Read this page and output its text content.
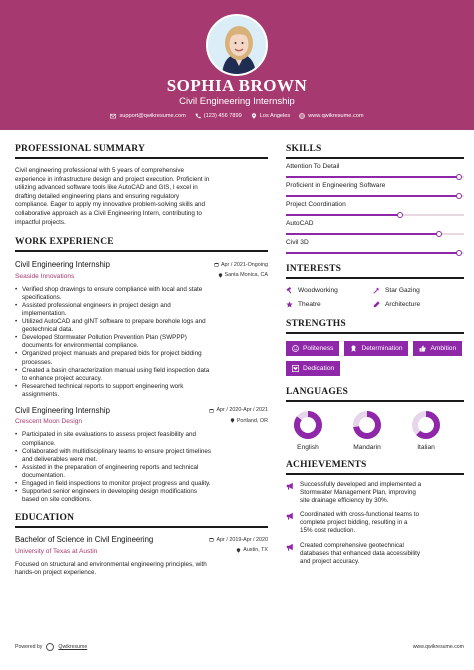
SOPHIA BROWN
Civil Engineering Internship
support@qwikresume.com	(123) 456 7899	Los Angeles	www.qwikresume.com
PROFESSIONAL SUMMARY
Civil engineering professional with 5 years of comprehensive
experience in infrastructure design and project execution. Proficient in
utilizing advanced software tools like AutoCAD and GIS, I excel in
drafting detailed engineering plans and ensuring regulatory
compliance. Eager to apply my innovative problem-solving skills and
collaborative approach as a Civil Engineering Intern, contributing to
impactful projects.
WORK EXPERIENCE
Civil Engineering Internship	Apr / 2021-Ongoing
Seaside Innovations	Santa Monica, CA
• Verified shop drawings to ensure compliance with local and state
specifications.
• Assisted professional engineers in project design and
implementation.
• Utilized AutoCAD and gINT software to prepare borehole logs and
geotechnical data.
• Developed Stormwater Pollution Prevention Plan (SWPPP)
documents for environmental compliance.
• Organized project manuals and prepared bids for project bidding
processes.
• Created a basin characterization manual using field inspection data
to enhance project accuracy.
• Researched technical reports to support engineering work
assignments.
Civil Engineering Internship	Apr / 2020-Apr / 2021
Crescent Moon Design	Portland, OR
• Participated in site evaluations to assess project feasibility and
compliance.
• Collaborated with multidisciplinary teams to ensure project timelines
and deliverables were met.
• Assisted in the preparation of engineering reports and technical
documentation.
• Engaged in field inspections to monitor project progress and quality.
• Supported senior engineers in developing design modifications
based on site conditions.
EDUCATION
Bachelor of Science in Civil Engineering	Apr / 2019-Apr / 2020
University of Texas at Austin	Austin, TX
Focused on structural and environmental engineering principles, with
hands-on project experience.
SKILLS
Attention To Detail
Proficient in Engineering Software
Project Coordination
AutoCAD
Civil 3D
INTERESTS
Woodworking	Star Gazing
Theatre	Architecture
STRENGTHS
Politeness	Determination	Ambition
Dedication
LANGUAGES
English	Mandarin	Italian
ACHIEVEMENTS
Successfully developed and implemented a
Stormwater Management Plan, improving
site drainage efficiency by 30%.
Coordinated with cross-functional teams to
complete project bidding, resulting in a
15% cost reduction.
Created comprehensive geotechnical
databases that enhanced data accessibility
and project accuracy.
Powered by	Qwikresume	www.qwikresume.com
